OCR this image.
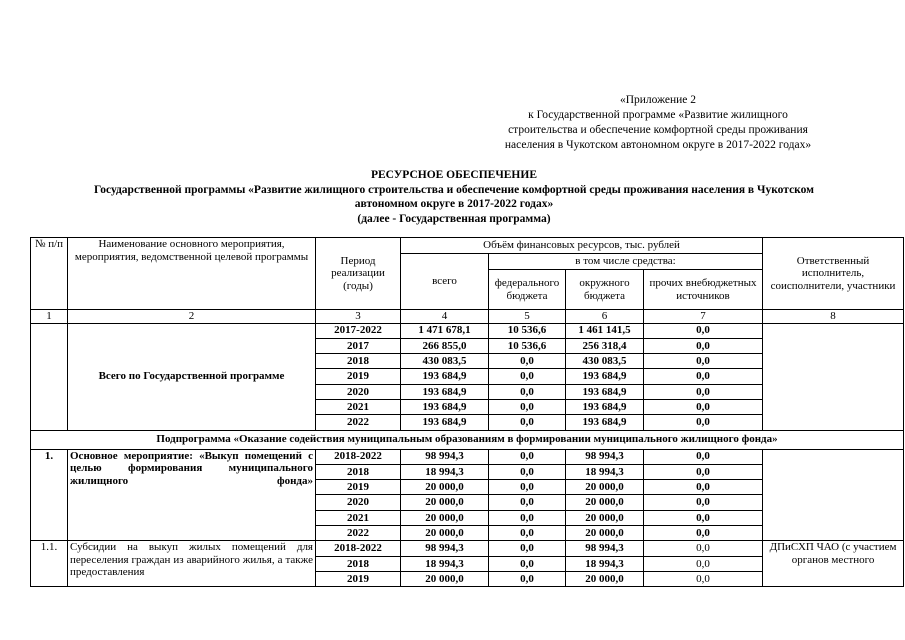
«Приложение 2
к Государственной программе «Развитие жилищного
строительства и обеспечение комфортной среды проживания
населения в Чукотском автономном округе в 2017-2022 годах»
РЕСУРСНОЕ ОБЕСПЕЧЕНИЕ
Государственной программы «Развитие жилищного строительства и обеспечение комфортной среды проживания населения в Чукотском
автономном округе в 2017-2022 годах»
(далее - Государственная программа)
№ п/п	Наименование основного мероприятия, мероприятия, ведомственной целевой программы	Период реализации (годы)	Объём финансовых ресурсов, тыс. рублей				Ответственный исполнитель, соисполнители, участники
			всего	в том числе средства:			
				федерального бюджета	окружного бюджета	прочих внебюджетных источников	
1	2	3	4	5	6	7	8
	Всего по Государственной программе	2017-2022	1 471 678,1	10 536,6	1 461 141,5	0,0	
		2017	266 855,0	10 536,6	256 318,4	0,0	
		2018	430 083,5	0,0	430 083,5	0,0	
		2019	193 684,9	0,0	193 684,9	0,0	
		2020	193 684,9	0,0	193 684,9	0,0	
		2021	193 684,9	0,0	193 684,9	0,0	
		2022	193 684,9	0,0	193 684,9	0,0	
Подпрограмма «Оказание содействия муниципальным образованиям в формировании муниципального жилищного фонда»							
1.	Основное мероприятие: «Выкуп помещений с целью формирования муниципального жилищного фонда»	2018-2022	98 994,3	0,0	98 994,3	0,0	
		2018	18 994,3	0,0	18 994,3	0,0	
		2019	20 000,0	0,0	20 000,0	0,0	
		2020	20 000,0	0,0	20 000,0	0,0	
		2021	20 000,0	0,0	20 000,0	0,0	
		2022	20 000,0	0,0	20 000,0	0,0	
1.1.	Субсидии на выкуп жилых помещений для переселения граждан из аварийного жилья, а также предоставления	2018-2022	98 994,3	0,0	98 994,3	0,0	ДПиСХП ЧАО (с участием органов местного
		2018	18 994,3	0,0	18 994,3	0,0	
		2019	20 000,0	0,0	20 000,0	0,0	
